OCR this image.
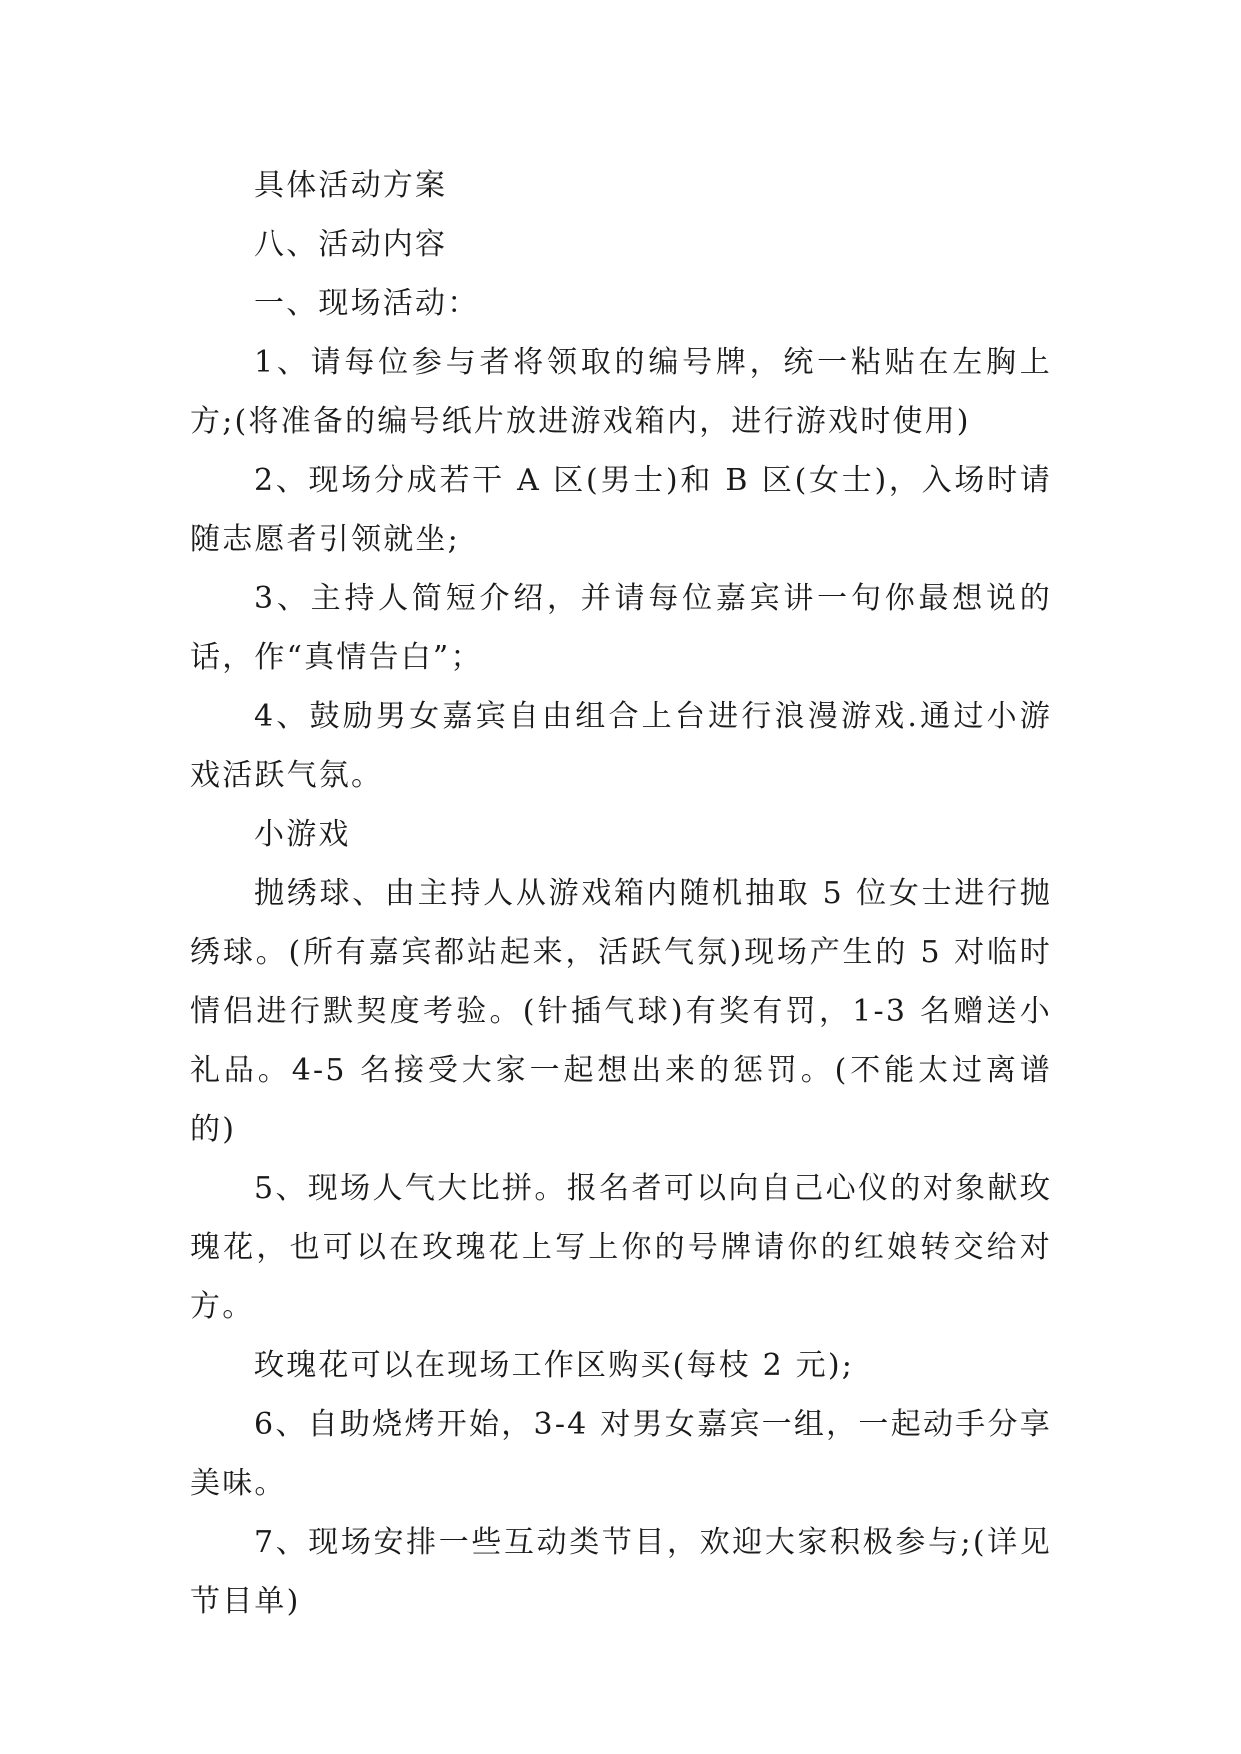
具体活动方案

八、活动内容

一、现场活动：

1、请每位参与者将领取的编号牌，统一粘贴在左胸上方;(将准备的编号纸片放进游戏箱内，进行游戏时使用)

2、现场分成若干 A 区(男士)和 B 区(女士)，入场时请随志愿者引领就坐;

3、主持人简短介绍，并请每位嘉宾讲一句你最想说的话，作“真情告白”；

4、鼓励男女嘉宾自由组合上台进行浪漫游戏.通过小游戏活跃气氛。

小游戏

抛绣球、由主持人从游戏箱内随机抽取 5 位女士进行抛绣球。(所有嘉宾都站起来，活跃气氛)现场产生的 5 对临时情侣进行默契度考验。(针插气球)有奖有罚，1-3 名赠送小礼品。4-5 名接受大家一起想出来的惩罚。(不能太过离谱的)

5、现场人气大比拼。报名者可以向自己心仪的对象献玫瑰花，也可以在玫瑰花上写上你的号牌请你的红娘转交给对方。

玫瑰花可以在现场工作区购买(每枝 2 元);

6、自助烧烤开始，3-4 对男女嘉宾一组，一起动手分享美味。

7、现场安排一些互动类节目，欢迎大家积极参与;(详见节目单)
